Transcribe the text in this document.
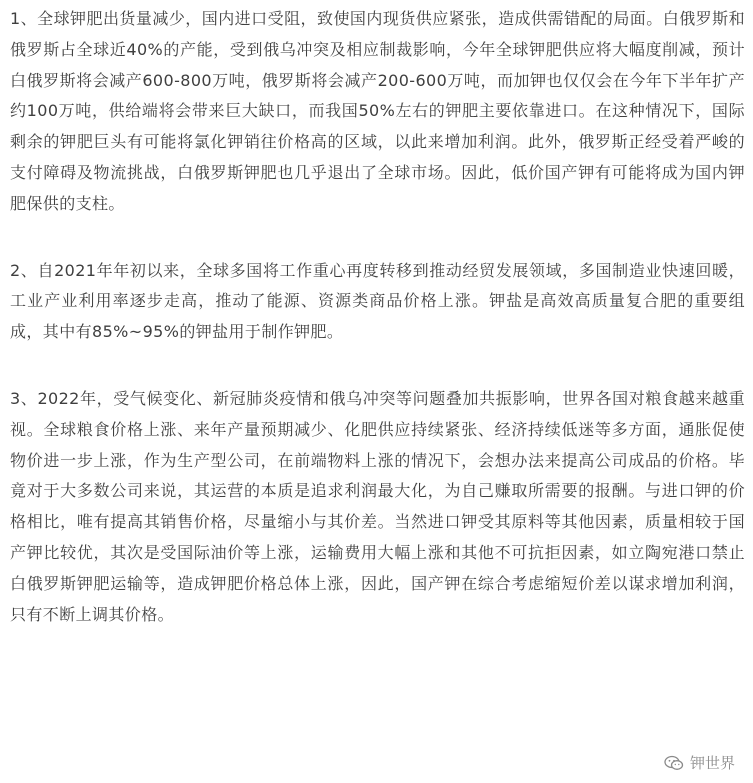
1、全球钾肥出货量减少，国内进口受阻，致使国内现货供应紧张，造成供需错配的局面。白俄罗斯和俄罗斯占全球近40%的产能，受到俄乌冲突及相应制裁影响，今年全球钾肥供应将大幅度削减，预计白俄罗斯将会减产600-800万吨，俄罗斯将会减产200-600万吨，而加钾也仅仅会在今年下半年扩产约100万吨，供给端将会带来巨大缺口，而我国50%左右的钾肥主要依靠进口。在这种情况下，国际剩余的钾肥巨头有可能将氯化钾销往价格高的区域，以此来增加利润。此外，俄罗斯正经受着严峻的支付障碍及物流挑战，白俄罗斯钾肥也几乎退出了全球市场。因此，低价国产钾有可能将成为国内钾肥保供的支柱。

2、自2021年年初以来，全球多国将工作重心再度转移到推动经贸发展领域，多国制造业快速回暖，工业产业利用率逐步走高，推动了能源、资源类商品价格上涨。钾盐是高效高质量复合肥的重要组成，其中有85%~95%的钾盐用于制作钾肥。

3、2022年，受气候变化、新冠肺炎疫情和俄乌冲突等问题叠加共振影响，世界各国对粮食越来越重视。全球粮食价格上涨、来年产量预期减少、化肥供应持续紧张、经济持续低迷等多方面，通胀促使物价进一步上涨，作为生产型公司，在前端物料上涨的情况下，会想办法来提高公司成品的价格。毕竟对于大多数公司来说，其运营的本质是追求利润最大化，为自己赚取所需要的报酬。与进口钾的价格相比，唯有提高其销售价格，尽量缩小与其价差。当然进口钾受其原料等其他因素，质量相较于国产钾比较优，其次是受国际油价等上涨，运输费用大幅上涨和其他不可抗拒因素，如立陶宛港口禁止白俄罗斯钾肥运输等，造成钾肥价格总体上涨，因此，国产钾在综合考虑缩短价差以谋求增加利润，只有不断上调其价格。

钾世界
